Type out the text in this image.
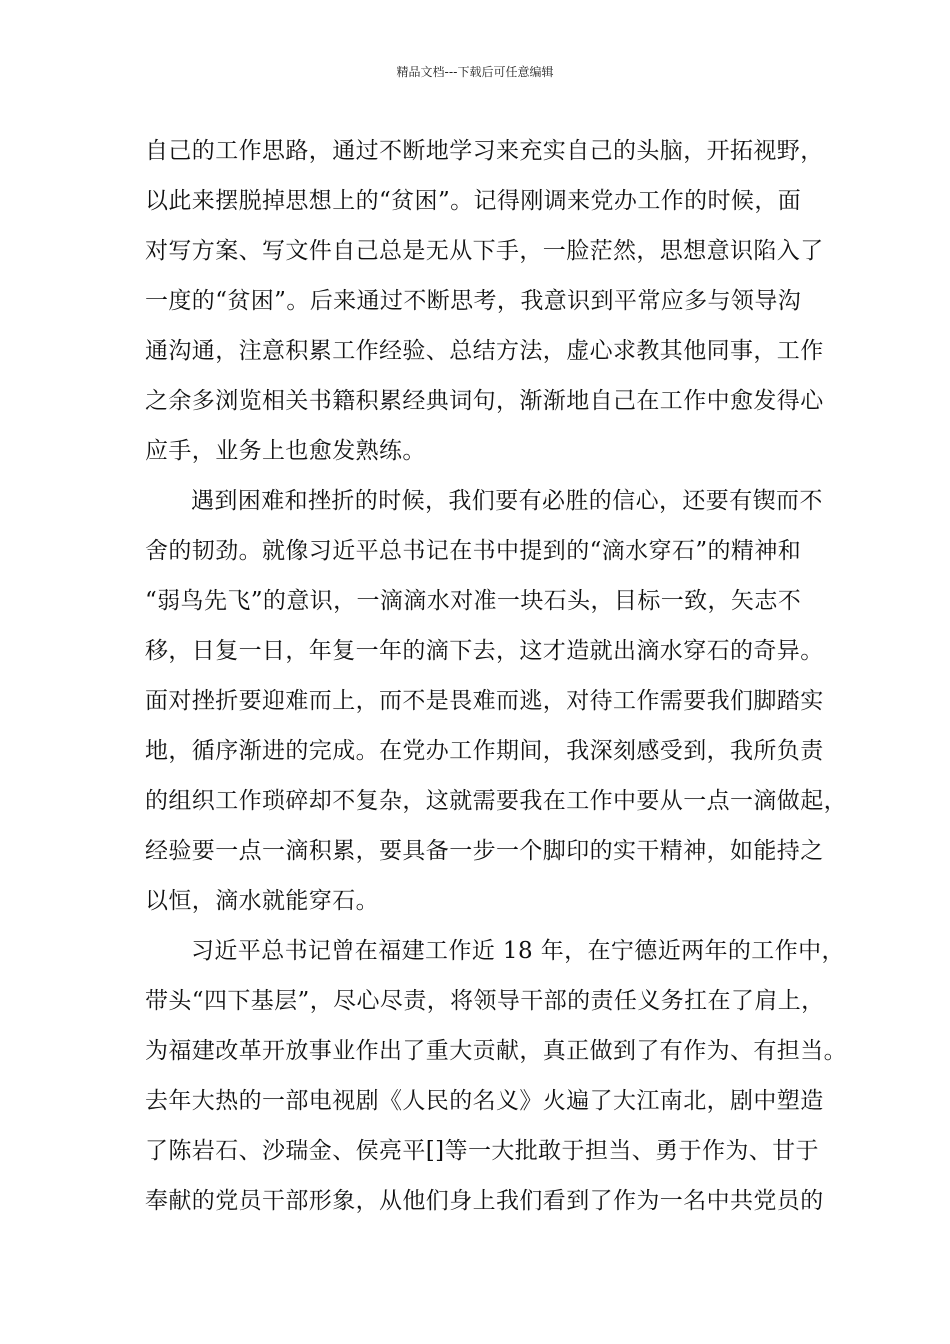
精品文档---下载后可任意编辑
自己的工作思路，通过不断地学习来充实自己的头脑，开拓视野，
以此来摆脱掉思想上的“贫困”。记得刚调来党办工作的时候，面
对写方案、写文件自己总是无从下手，一脸茫然，思想意识陷入了
一度的“贫困”。后来通过不断思考，我意识到平常应多与领导沟
通沟通，注意积累工作经验、总结方法，虚心求教其他同事，工作
之余多浏览相关书籍积累经典词句，渐渐地自己在工作中愈发得心
应手，业务上也愈发熟练。
遇到困难和挫折的时候，我们要有必胜的信心，还要有锲而不
舍的韧劲。就像习近平总书记在书中提到的“滴水穿石”的精神和
“弱鸟先飞”的意识，一滴滴水对准一块石头，目标一致，矢志不
移，日复一日，年复一年的滴下去，这才造就出滴水穿石的奇异。
面对挫折要迎难而上，而不是畏难而逃，对待工作需要我们脚踏实
地，循序渐进的完成。在党办工作期间，我深刻感受到，我所负责
的组织工作琐碎却不复杂，这就需要我在工作中要从一点一滴做起，
经验要一点一滴积累，要具备一步一个脚印的实干精神，如能持之
以恒，滴水就能穿石。
习近平总书记曾在福建工作近 18 年，在宁德近两年的工作中，
带头“四下基层”，尽心尽责，将领导干部的责任义务扛在了肩上，
为福建改革开放事业作出了重大贡献，真正做到了有作为、有担当。
去年大热的一部电视剧《人民的名义》火遍了大江南北，剧中塑造
了陈岩石、沙瑞金、侯亮平[]等一大批敢于担当、勇于作为、甘于
奉献的党员干部形象，从他们身上我们看到了作为一名中共党员的
